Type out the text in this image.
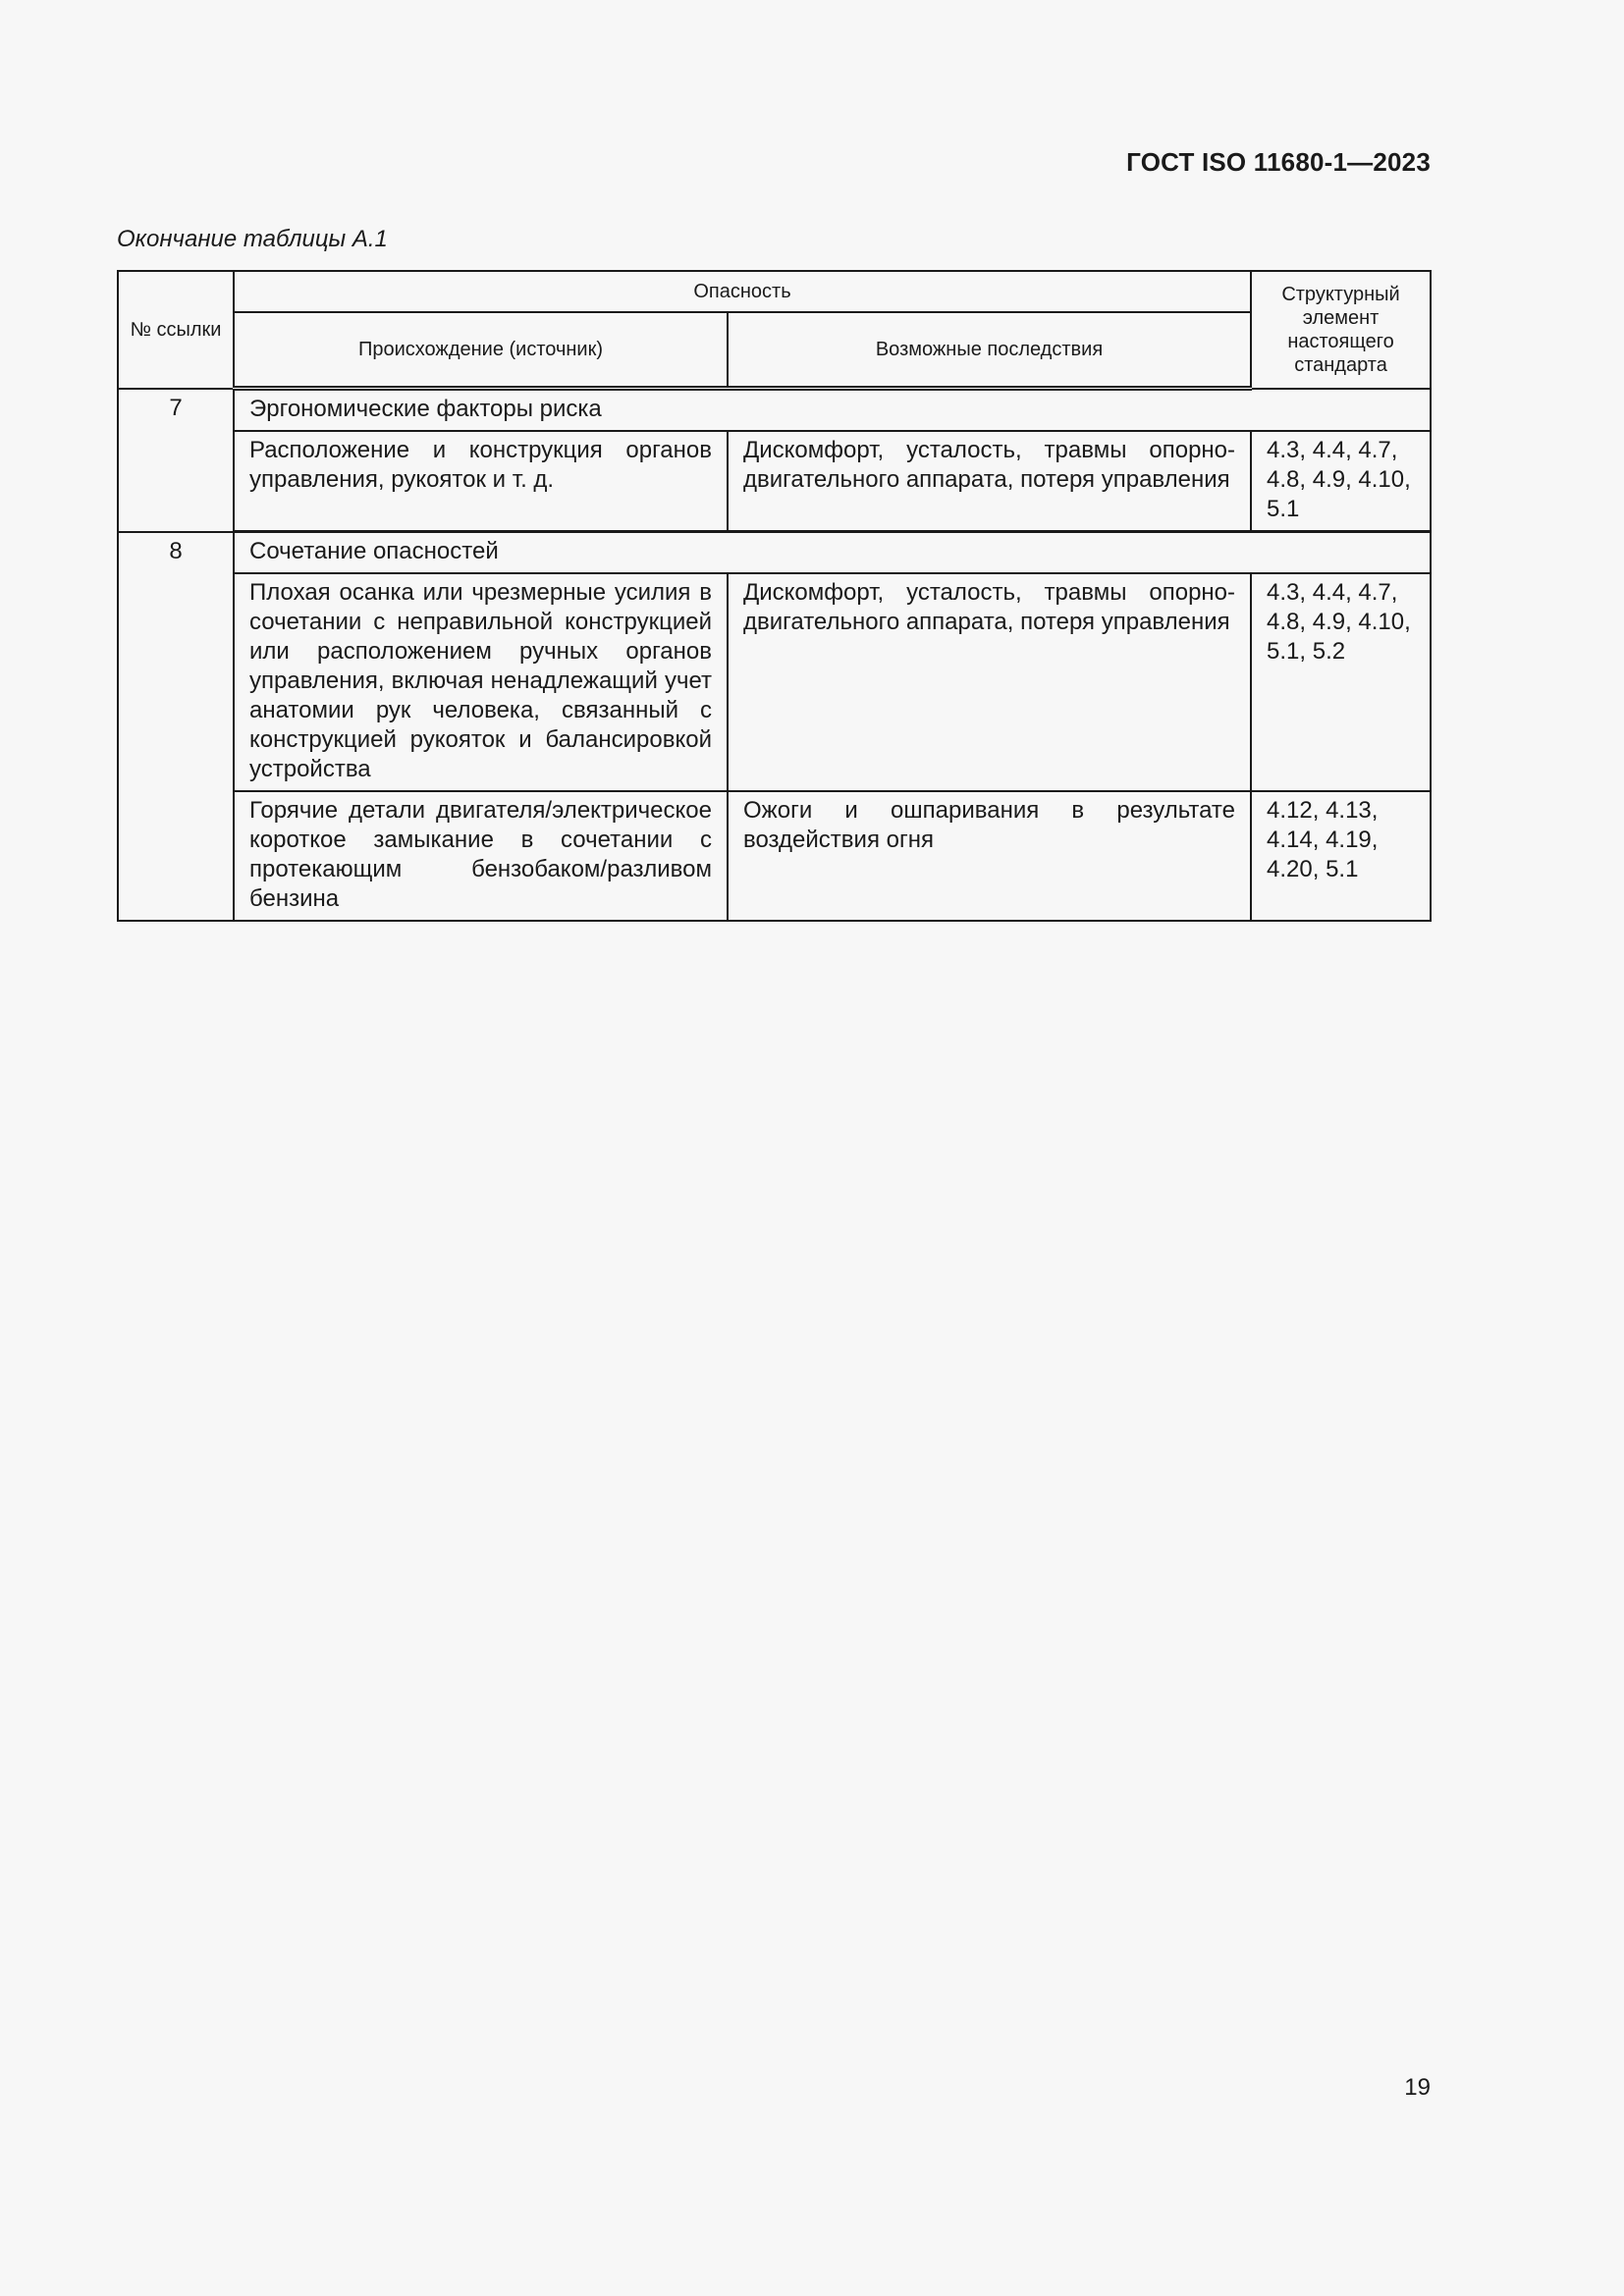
ГОСТ ISO 11680-1—2023
Окончание таблицы А.1
№ ссылки	Опасность		Структурный элемент настоящего стандарта
	Происхождение (источник)	Возможные последствия	
7	Эргономические факторы риска		
	Расположение и конструкция органов управления, рукояток и т. д.	Дискомфорт, усталость, травмы опорно-двигательного аппарата, потеря управления	4.3, 4.4, 4.7, 4.8, 4.9, 4.10, 5.1
8	Сочетание опасностей		
	Плохая осанка или чрезмерные усилия в сочетании с неправильной конструкцией или расположением ручных органов управления, включая ненадлежащий учет анатомии рук человека, связанный с конструкцией рукояток и балансировкой устройства	Дискомфорт, усталость, травмы опорно-двигательного аппарата, потеря управления	4.3, 4.4, 4.7, 4.8, 4.9, 4.10, 5.1, 5.2
	Горячие детали двигателя/электрическое короткое замыкание в сочетании с протекающим бензобаком/разливом бензина	Ожоги и ошпаривания в результате воздействия огня	4.12, 4.13, 4.14, 4.19, 4.20, 5.1
19
